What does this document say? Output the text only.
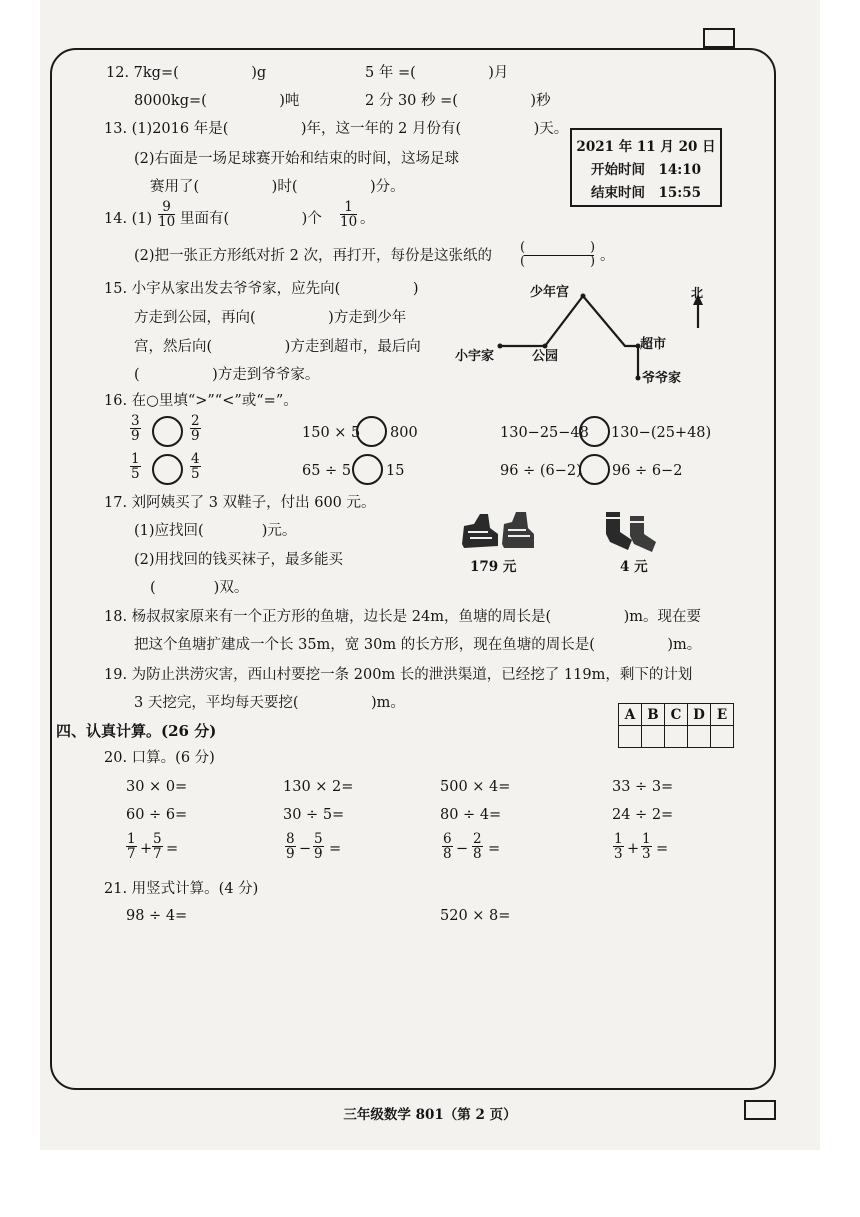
12. 7kg=(　　　　　)g	5 年 =(　　　　　)月
8000kg=(　　　　　)吨	2 分 30 秒 =(　　　　　)秒
13. (1)2016 年是(　　　　　)年，这一年的 2 月份有(　　　　　)天。
(2)右面是一场足球赛开始和结束的时间，这场足球
赛用了(　　　　　)时(　　　　　)分。
2021 年 11 月 20 日
开始时间　14:10
结束时间　15:55
14. $(1) \frac{9}{10}$ 里面有(　　　　　)个 $\frac{1}{10}$ 。
(2)把一张正方形纸对折 2 次，再打开，每份是这张纸的
(	)
(	) 。
15. 小宇从家出发去爷爷家，应先向(　　　　　)
方走到公园，再向(　　　　　)方走到少年
宫，然后向(　　　　　)方走到超市，最后向
(　　　　　)方走到爷爷家。
小宇家	公园
少年宫
超市
爷爷家
北
16. 在○里填“>”“<”或“=”。
$\frac{3}{9}$	$\frac{2}{9}$	150 × 5 800	130−25−48 130−(25+48)
$\frac{1}{5}$	$\frac{4}{5}$	65 ÷ 5 15	96 ÷ (6−2) 96 ÷ 6−2
17. 刘阿姨买了 3 双鞋子，付出 600 元。
(1)应找回(　　　　)元。
(2)用找回的钱买袜子，最多能买
(　　　　)双。
179 元	4 元
18. 杨叔叔家原来有一个正方形的鱼塘，边长是 24m，鱼塘的周长是(　　　　　)m。现在要
把这个鱼塘扩建成一个长 35m，宽 30m 的长方形，现在鱼塘的周长是(　　　　　)m。
19. 为防止洪涝灾害，西山村要挖一条 200m 长的泄洪渠道，已经挖了 119m，剩下的计划
3 天挖完，平均每天要挖(　　　　　)m。
A	B	C	D	E

四、认真计算。(26 分)
20. 口算。(6 分)
30 × 0=	130 × 2=	500 × 4=	33 ÷ 3=
60 ÷ 6=	30 ÷ 5=	80 ÷ 4=	24 ÷ 2=
$\frac{1}{7} + \frac{5}{7}$ =	$\frac{8}{9} - \frac{5}{9}$ =	$\frac{6}{8} - \frac{2}{8}$ =	$\frac{1}{3} + \frac{1}{3}$ =
21. 用竖式计算。(4 分)
98 ÷ 4=	520 × 8=
三年级数学 801（第 2 页）
